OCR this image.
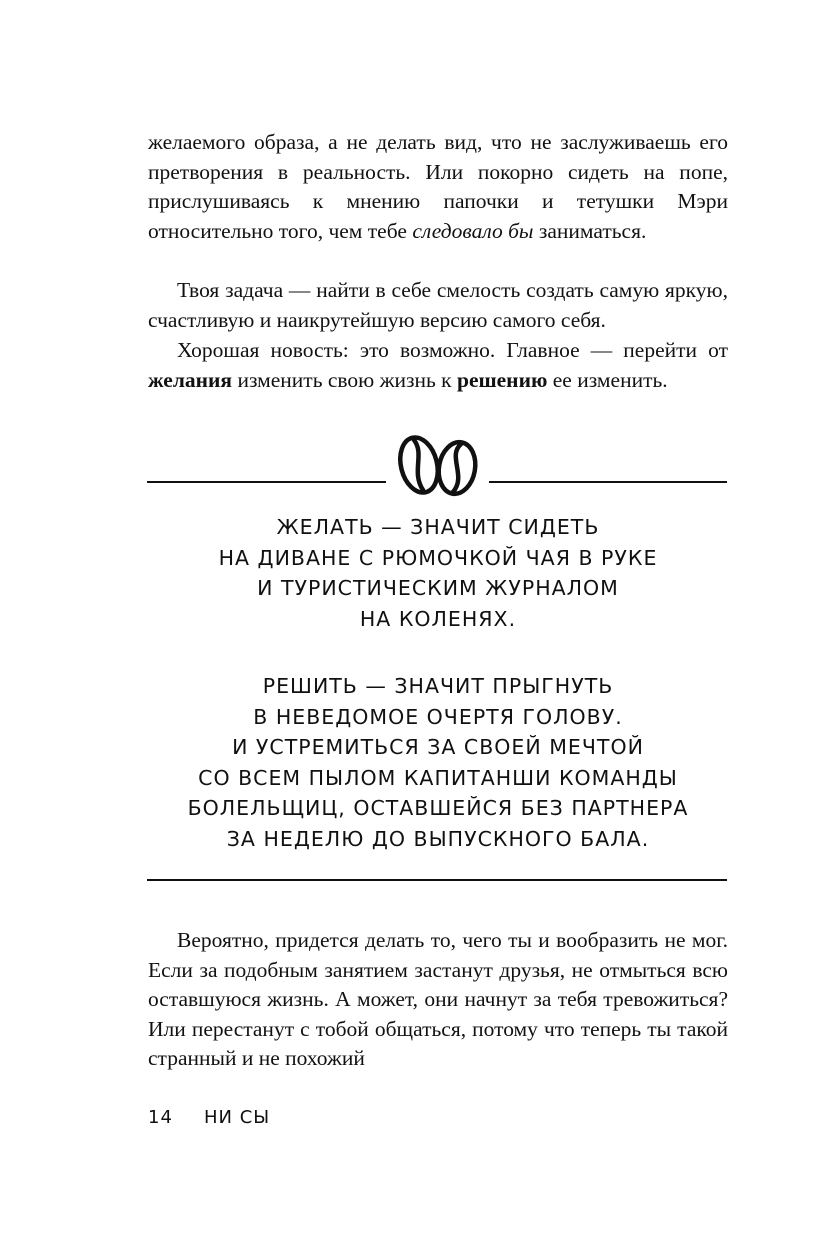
желаемого образа, а не делать вид, что не заслуживаешь его претворения в реальность. Или покорно сидеть на попе, прислушиваясь к мнению папочки и тетушки Мэри относительно того, чем тебе следовало бы заниматься.

Твоя задача — найти в себе смелость создать самую яркую, счастливую и наикрутейшую версию самого себя.

Хорошая новость: это возможно. Главное — перейти от желания изменить свою жизнь к решению ее изменить.

ЖЕЛАТЬ — ЗНАЧИТ СИДЕТЬ
НА ДИВАНЕ С РЮМОЧКОЙ ЧАЯ В РУКЕ
И ТУРИСТИЧЕСКИМ ЖУРНАЛОМ
НА КОЛЕНЯХ.
РЕШИТЬ — ЗНАЧИТ ПРЫГНУТЬ
В НЕВЕДОМОЕ ОЧЕРТЯ ГОЛОВУ.
И УСТРЕМИТЬСЯ ЗА СВОЕЙ МЕЧТОЙ
СО ВСЕМ ПЫЛОМ КАПИТАНШИ КОМАНДЫ
БОЛЕЛЬЩИЦ, ОСТАВШЕЙСЯ БЕЗ ПАРТНЕРА
ЗА НЕДЕЛЮ ДО ВЫПУСКНОГО БАЛА.

Вероятно, придется делать то, чего ты и вообразить не мог. Если за подобным занятием застанут друзья, не отмыться всю оставшуюся жизнь. А может, они начнут за тебя тревожиться? Или перестанут с тобой общаться, потому что теперь ты такой странный и не похожий

14 НИ СЫ
